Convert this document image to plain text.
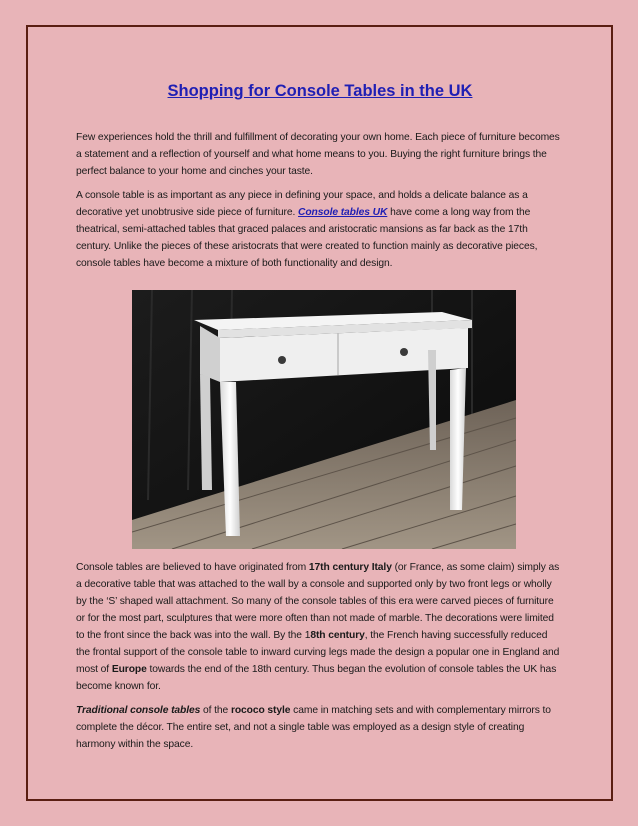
Shopping for Console Tables in the UK

Few experiences hold the thrill and fulfillment of decorating your own home. Each piece of furniture becomes a statement and a reflection of yourself and what home means to you. Buying the right furniture brings the perfect balance to your home and cinches your taste.

A console table is as important as any piece in defining your space, and holds a delicate balance as a decorative yet unobtrusive side piece of furniture. Console tables UK have come a long way from the theatrical, semi-attached tables that graced palaces and aristocratic mansions as far back as the 17th century. Unlike the pieces of these aristocrats that were created to function mainly as decorative pieces, console tables have become a mixture of both functionality and design.

Console tables are believed to have originated from 17th century Italy (or France, as some claim) simply as a decorative table that was attached to the wall by a console and supported only by two front legs or wholly by the ‘S’ shaped wall attachment. So many of the console tables of this era were carved pieces of furniture or for the most part, sculptures that were more often than not made of marble. The decorations were limited to the front since the back was into the wall. By the 18th century, the French having successfully reduced the frontal support of the console table to inward curving legs made the design a popular one in England and most of Europe towards the end of the 18th century. Thus began the evolution of console tables the UK has become known for.

Traditional console tables of the rococo style came in matching sets and with complementary mirrors to complete the décor. The entire set, and not a single table was employed as a design style of creating harmony within the space.
